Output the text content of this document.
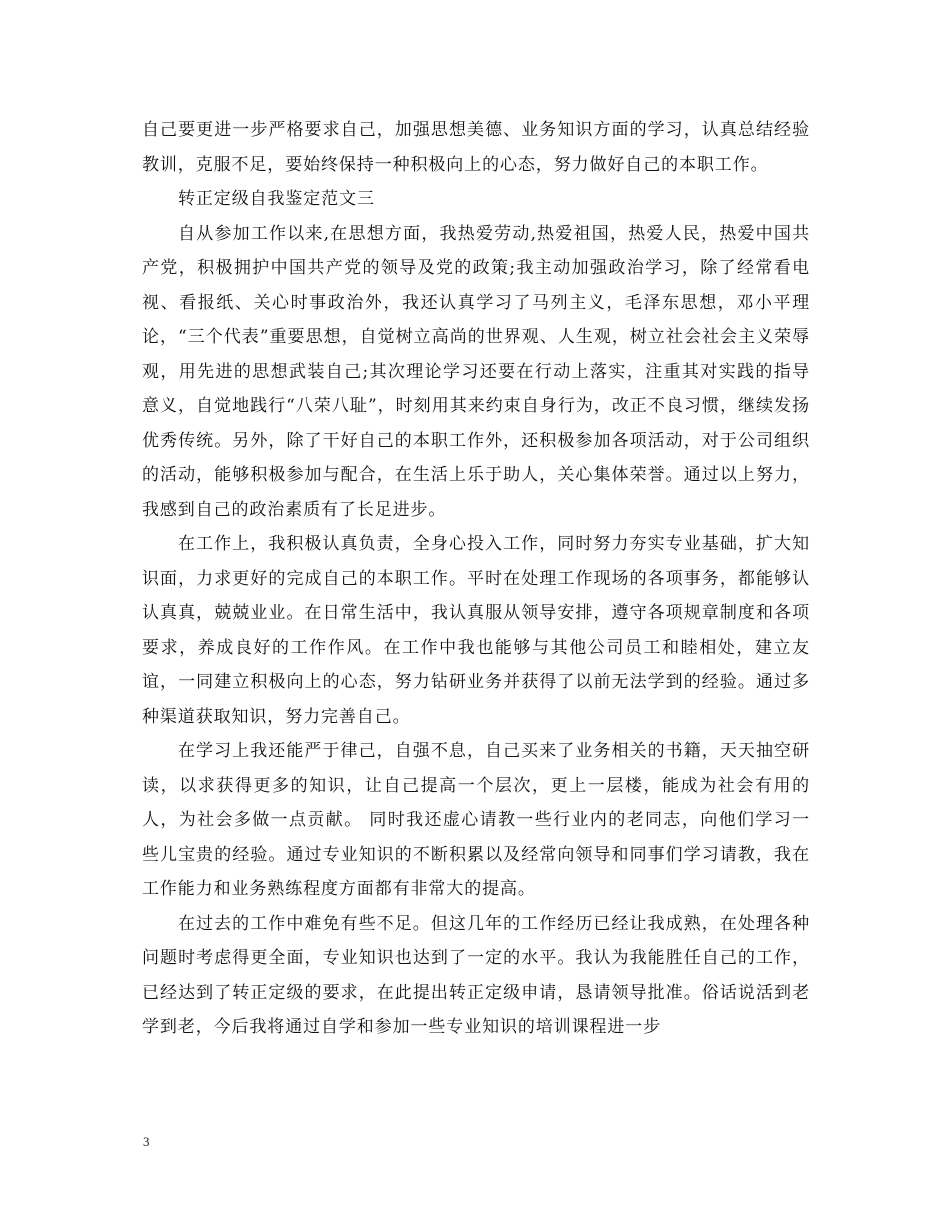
自己要更进一步严格要求自己，加强思想美德、业务知识方面的学习，认真总结经验教训，克服不足，要始终保持一种积极向上的心态，努力做好自己的本职工作。

转正定级自我鉴定范文三

自从参加工作以来,在思想方面，我热爱劳动,热爱祖国，热爱人民，热爱中国共产党，积极拥护中国共产党的领导及党的政策;我主动加强政治学习，除了经常看电视、看报纸、关心时事政治外，我还认真学习了马列主义，毛泽东思想，邓小平理论，“三个代表”重要思想，自觉树立高尚的世界观、人生观，树立社会社会主义荣辱观，用先进的思想武装自己;其次理论学习还要在行动上落实，注重其对实践的指导意义，自觉地践行“八荣八耻”，时刻用其来约束自身行为，改正不良习惯，继续发扬优秀传统。另外，除了干好自己的本职工作外，还积极参加各项活动，对于公司组织的活动，能够积极参加与配合，在生活上乐于助人，关心集体荣誉。通过以上努力，我感到自己的政治素质有了长足进步。

在工作上，我积极认真负责，全身心投入工作，同时努力夯实专业基础，扩大知识面，力求更好的完成自己的本职工作。平时在处理工作现场的各项事务，都能够认认真真，兢兢业业。在日常生活中，我认真服从领导安排，遵守各项规章制度和各项要求，养成良好的工作作风。在工作中我也能够与其他公司员工和睦相处，建立友谊，一同建立积极向上的心态，努力钻研业务并获得了以前无法学到的经验。通过多种渠道获取知识，努力完善自己。

在学习上我还能严于律己，自强不息，自己买来了业务相关的书籍，天天抽空研读，以求获得更多的知识，让自己提高一个层次，更上一层楼，能成为社会有用的人，为社会多做一点贡献。 同时我还虚心请教一些行业内的老同志，向他们学习一些儿宝贵的经验。通过专业知识的不断积累以及经常向领导和同事们学习请教，我在工作能力和业务熟练程度方面都有非常大的提高。

在过去的工作中难免有些不足。但这几年的工作经历已经让我成熟，在处理各种问题时考虑得更全面，专业知识也达到了一定的水平。我认为我能胜任自己的工作，已经达到了转正定级的要求，在此提出转正定级申请，恳请领导批准。俗话说活到老学到老，今后我将通过自学和参加一些专业知识的培训课程进一步

3
